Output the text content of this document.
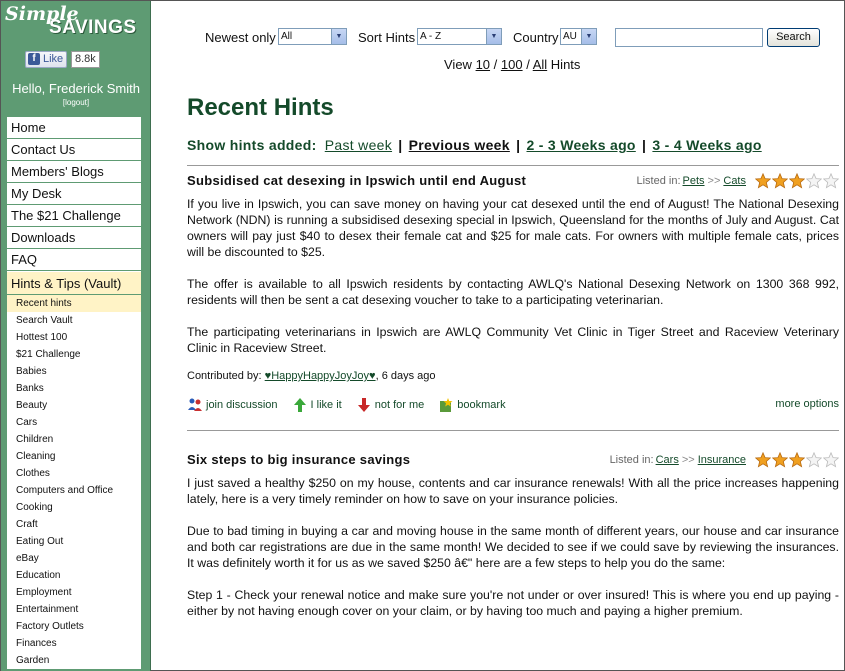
Simple
SAVINGS
f Like	8.8k
Hello, Frederick Smith
[logout]
Home
Contact Us
Members' Blogs
My Desk
The $21 Challenge
Downloads
FAQ
Hints & Tips (Vault)
Recent hints
Search Vault
Hottest 100
$21 Challenge
Babies
Banks
Beauty
Cars
Children
Cleaning
Clothes
Computers and Office
Cooking
Craft
Eating Out
eBay
Education
Employment
Entertainment
Factory Outlets
Finances
Garden
Newest only All	▼ Sort Hints A - Z	▼ Country AU	▼	Search
View 10 / 100 / All Hints
Recent Hints
Show hints added: Past week | Previous week | 2 - 3 Weeks ago | 3 - 4 Weeks ago
Subsidised cat desexing in Ipswich until end August	Listed in: Pets >> Cats

If you live in Ipswich, you can save money on having your cat desexed until the end of August! The National Desexing Network (NDN) is running a subsidised desexing special in Ipswich, Queensland for the months of July and August. Cat owners will pay just $40 to desex their female cat and $25 for male cats. For owners with multiple female cats, prices will be discounted to $25.

The offer is available to all Ipswich residents by contacting AWLQ's National Desexing Network on 1300 368 992, residents will then be sent a cat desexing voucher to take to a participating veterinarian.

The participating veterinarians in Ipswich are AWLQ Community Vet Clinic in Tiger Street and Raceview Veterinary Clinic in Raceview Street.

Contributed by: ♥HappyHappyJoyJoy♥, 6 days ago
join discussion	I like it	not for me	bookmark	more options
Six steps to big insurance savings	Listed in: Cars >> Insurance

I just saved a healthy $250 on my house, contents and car insurance renewals! With all the price increases happening lately, here is a very timely reminder on how to save on your insurance policies.

Due to bad timing in buying a car and moving house in the same month of different years, our house and car insurance and both car registrations are due in the same month! We decided to see if we could save by reviewing the insurances. It was definitely worth it for us as we saved $250 â€" here are a few steps to help you do the same:

Step 1 - Check your renewal notice and make sure you're not under or over insured! This is where you end up paying - either by not having enough cover on your claim, or by having too much and paying a higher premium.
